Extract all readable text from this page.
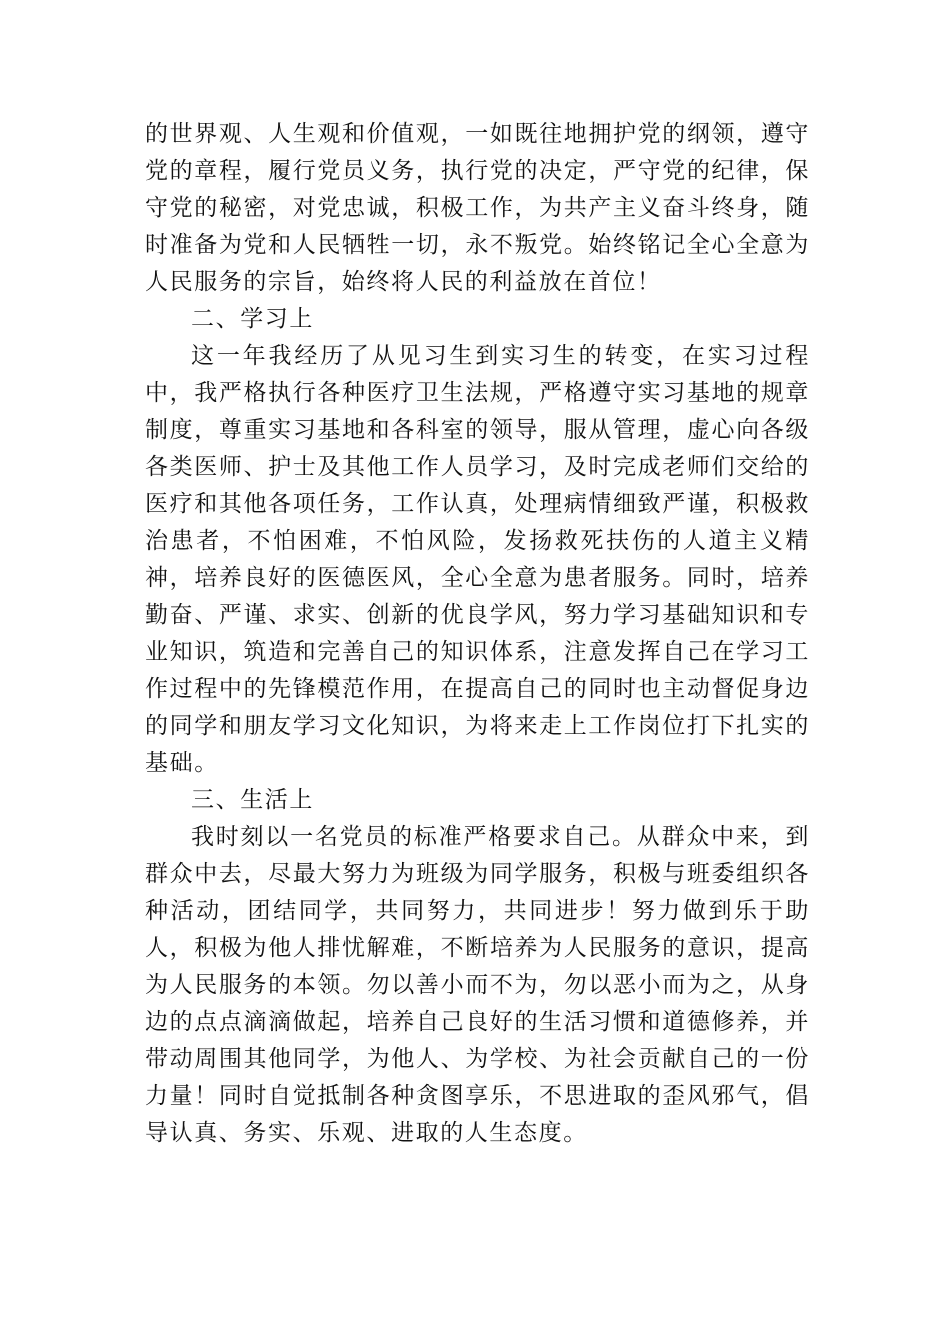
的世界观、人生观和价值观，一如既往地拥护党的纲领，遵守党的章程，履行党员义务，执行党的决定，严守党的纪律，保守党的秘密，对党忠诚，积极工作，为共产主义奋斗终身，随时准备为党和人民牺牲一切，永不叛党。始终铭记全心全意为人民服务的宗旨，始终将人民的利益放在首位！

二、学习上

这一年我经历了从见习生到实习生的转变，在实习过程中，我严格执行各种医疗卫生法规，严格遵守实习基地的规章制度，尊重实习基地和各科室的领导，服从管理，虚心向各级各类医师、护士及其他工作人员学习，及时完成老师们交给的医疗和其他各项任务，工作认真，处理病情细致严谨，积极救治患者，不怕困难，不怕风险，发扬救死扶伤的人道主义精神，培养良好的医德医风，全心全意为患者服务。同时，培养勤奋、严谨、求实、创新的优良学风，努力学习基础知识和专业知识，筑造和完善自己的知识体系，注意发挥自己在学习工作过程中的先锋模范作用，在提高自己的同时也主动督促身边的同学和朋友学习文化知识，为将来走上工作岗位打下扎实的基础。

三、生活上

我时刻以一名党员的标准严格要求自己。从群众中来，到群众中去，尽最大努力为班级为同学服务，积极与班委组织各种活动，团结同学，共同努力，共同进步！努力做到乐于助人，积极为他人排忧解难，不断培养为人民服务的意识，提高为人民服务的本领。勿以善小而不为，勿以恶小而为之，从身边的点点滴滴做起，培养自己良好的生活习惯和道德修养，并带动周围其他同学，为他人、为学校、为社会贡献自己的一份力量！同时自觉抵制各种贪图享乐，不思进取的歪风邪气，倡导认真、务实、乐观、进取的人生态度。
